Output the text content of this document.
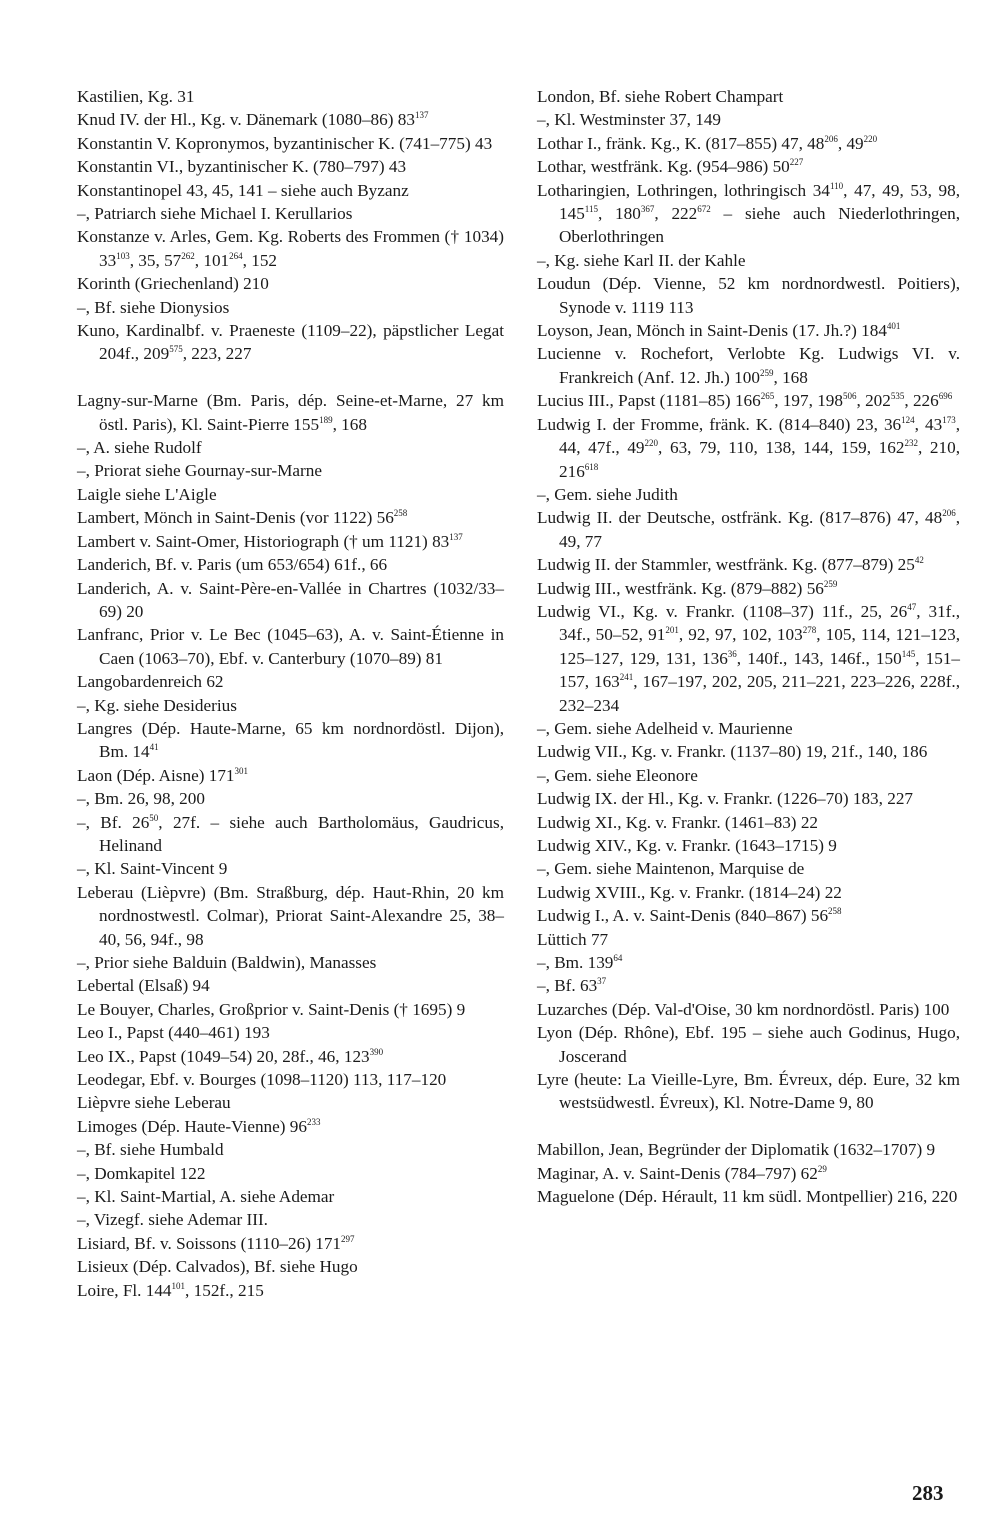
Kastilien, Kg. 31
Knud IV. der Hl., Kg. v. Dänemark (1080–86) $83^{137}$
Konstantin V. Kopronymos, byzantinischer K. (741–775) 43
Konstantin VI., byzantinischer K. (780–797) 43
Konstantinopel 43, 45, 141 – siehe auch Byzanz
–, Patriarch siehe Michael I. Kerullarios
Konstanze v. Arles, Gem. Kg. Roberts des Frommen († 1034) $33^{103}$, 35, $57^{262}$, $101^{264}$, 152
Korinth (Griechenland) 210
–, Bf. siehe Dionysios
Kuno, Kardinalbf. v. Praeneste (1109–22), päpstlicher Legat 204f., $209^{575}$, 223, 227
Lagny-sur-Marne (Bm. Paris, dép. Seine-et-Marne, 27 km östl. Paris), Kl. Saint-Pierre $155^{189}$, 168
–, A. siehe Rudolf
–, Priorat siehe Gournay-sur-Marne
Laigle siehe L'Aigle
Lambert, Mönch in Saint-Denis (vor 1122) $56^{258}$
Lambert v. Saint-Omer, Historiograph († um 1121) $83^{137}$
Landerich, Bf. v. Paris (um 653/654) 61f., 66
Landerich, A. v. Saint-Père-en-Vallée in Chartres (1032/33–69) 20
Lanfranc, Prior v. Le Bec (1045–63), A. v. Saint-Étienne in Caen (1063–70), Ebf. v. Canterbury (1070–89) 81
Langobardenreich 62
–, Kg. siehe Desiderius
Langres (Dép. Haute-Marne, 65 km nordnordöstl. Dijon), Bm. $14^{41}$
Laon (Dép. Aisne) $171^{301}$
–, Bm. 26, 98, 200
–, Bf. $26^{50}$, 27f. – siehe auch Bartholomäus, Gaudricus, Helinand
–, Kl. Saint-Vincent 9
Leberau (Lièpvre) (Bm. Straßburg, dép. Haut-Rhin, 20 km nordnostwestl. Colmar), Priorat Saint-Alexandre 25, 38–40, 56, 94f., 98
–, Prior siehe Balduin (Baldwin), Manasses
Lebertal (Elsaß) 94
Le Bouyer, Charles, Großprior v. Saint-Denis († 1695) 9
Leo I., Papst (440–461) 193
Leo IX., Papst (1049–54) 20, 28f., 46, $123^{390}$
Leodegar, Ebf. v. Bourges (1098–1120) 113, 117–120
Lièpvre siehe Leberau
Limoges (Dép. Haute-Vienne) $96^{233}$
–, Bf. siehe Humbald
–, Domkapitel 122
–, Kl. Saint-Martial, A. siehe Ademar
–, Vizegf. siehe Ademar III.
Lisiard, Bf. v. Soissons (1110–26) $171^{297}$
Lisieux (Dép. Calvados), Bf. siehe Hugo
Loire, Fl. $144^{101}$, 152f., 215
London, Bf. siehe Robert Champart
–, Kl. Westminster 37, 149
Lothar I., fränk. Kg., K. (817–855) 47, $48^{206}$, $49^{220}$
Lothar, westfränk. Kg. (954–986) $50^{227}$
Lotharingien, Lothringen, lothringisch $34^{110}$, 47, 49, 53, 98, $145^{115}$, $180^{367}$, $222^{672}$ – siehe auch Niederlothringen, Oberlothringen
–, Kg. siehe Karl II. der Kahle
Loudun (Dép. Vienne, 52 km nordnordwestl. Poitiers), Synode v. 1119 113
Loyson, Jean, Mönch in Saint-Denis (17. Jh.?) $184^{401}$
Lucienne v. Rochefort, Verlobte Kg. Ludwigs VI. v. Frankreich (Anf. 12. Jh.) $100^{259}$, 168
Lucius III., Papst (1181–85) $166^{265}$, 197, $198^{506}$, $202^{535}$, $226^{696}$
Ludwig I. der Fromme, fränk. K. (814–840) 23, $36^{124}$, $43^{173}$, 44, 47f., $49^{220}$, 63, 79, 110, 138, 144, 159, $162^{232}$, 210, $216^{618}$
–, Gem. siehe Judith
Ludwig II. der Deutsche, ostfränk. Kg. (817–876) 47, $48^{206}$, 49, 77
Ludwig II. der Stammler, westfränk. Kg. (877–879) $25^{42}$
Ludwig III., westfränk. Kg. (879–882) $56^{259}$
Ludwig VI., Kg. v. Frankr. (1108–37) 11f., 25, $26^{47}$, 31f., 34f., 50–52, $91^{201}$, 92, 97, 102, $103^{278}$, 105, 114, 121–123, 125–127, 129, 131, $136^{36}$, 140f., 143, 146f., $150^{145}$, 151–157, $163^{241}$, 167–197, 202, 205, 211–221, 223–226, 228f., 232–234
–, Gem. siehe Adelheid v. Maurienne
Ludwig VII., Kg. v. Frankr. (1137–80) 19, 21f., 140, 186
–, Gem. siehe Eleonore
Ludwig IX. der Hl., Kg. v. Frankr. (1226–70) 183, 227
Ludwig XI., Kg. v. Frankr. (1461–83) 22
Ludwig XIV., Kg. v. Frankr. (1643–1715) 9
–, Gem. siehe Maintenon, Marquise de
Ludwig XVIII., Kg. v. Frankr. (1814–24) 22
Ludwig I., A. v. Saint-Denis (840–867) $56^{258}$
Lüttich 77
–, Bm. $139^{64}$
–, Bf. $63^{37}$
Luzarches (Dép. Val-d'Oise, 30 km nordnordöstl. Paris) 100
Lyon (Dép. Rhône), Ebf. 195 – siehe auch Godinus, Hugo, Joscerand
Lyre (heute: La Vieille-Lyre, Bm. Évreux, dép. Eure, 32 km westsüdwestl. Évreux), Kl. Notre-Dame 9, 80
Mabillon, Jean, Begründer der Diplomatik (1632–1707) 9
Maginar, A. v. Saint-Denis (784–797) $62^{29}$
Maguelone (Dép. Hérault, 11 km südl. Montpellier) 216, 220
283
